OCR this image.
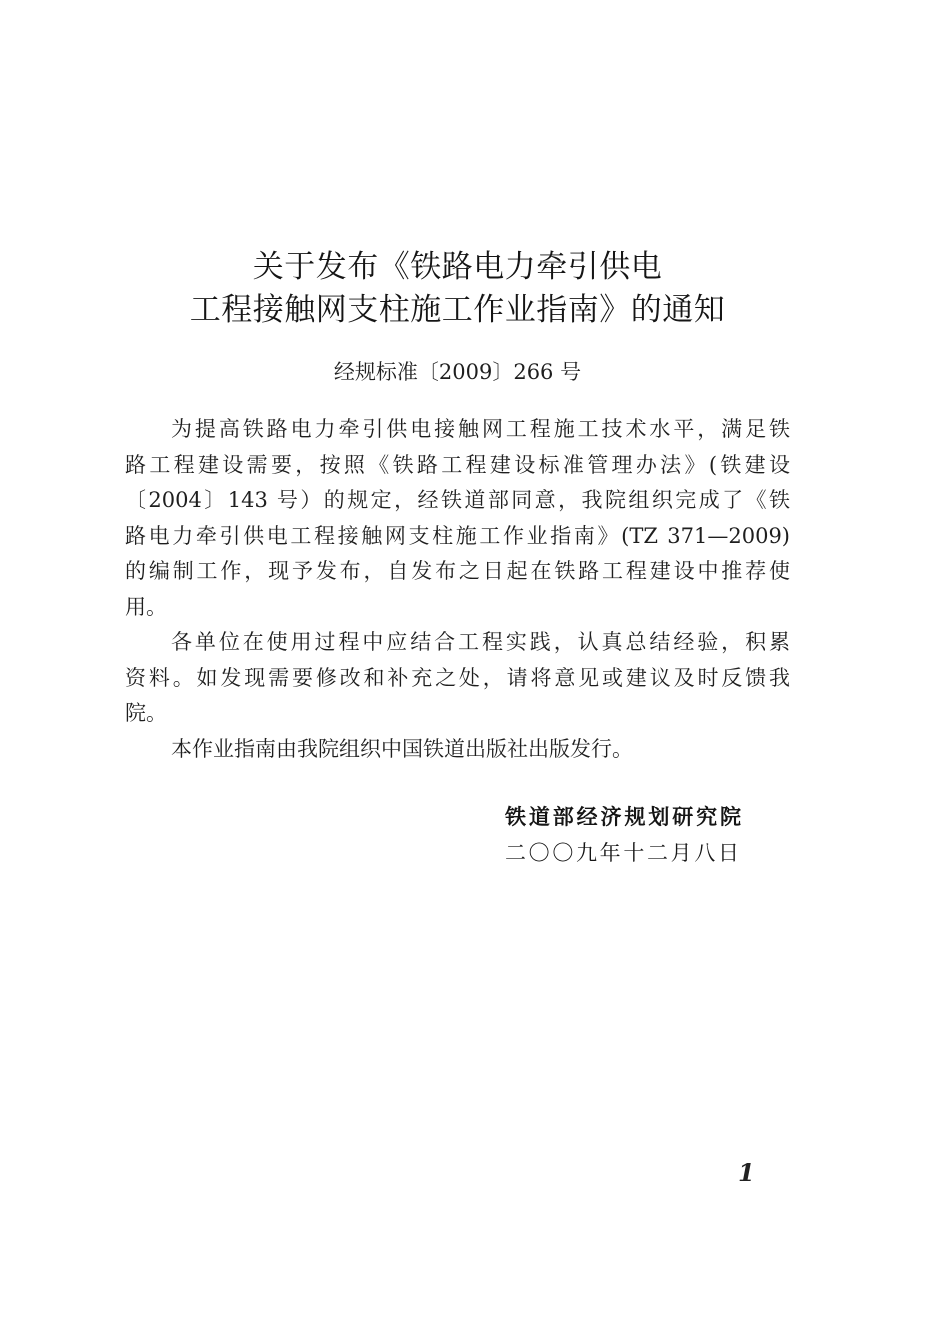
关于发布《铁路电力牵引供电
工程接触网支柱施工作业指南》的通知
经规标准〔2009〕266 号
为提高铁路电力牵引供电接触网工程施工技术水平，满足铁
路工程建设需要，按照《铁路工程建设标准管理办法》(铁建设
〔2004〕143 号）的规定，经铁道部同意，我院组织完成了《铁
路电力牵引供电工程接触网支柱施工作业指南》(TZ 371—2009)
的编制工作，现予发布，自发布之日起在铁路工程建设中推荐使
用。
各单位在使用过程中应结合工程实践，认真总结经验，积累
资料。如发现需要修改和补充之处，请将意见或建议及时反馈我
院。
本作业指南由我院组织中国铁道出版社出版发行。
铁道部经济规划研究院
二〇〇九年十二月八日
1
